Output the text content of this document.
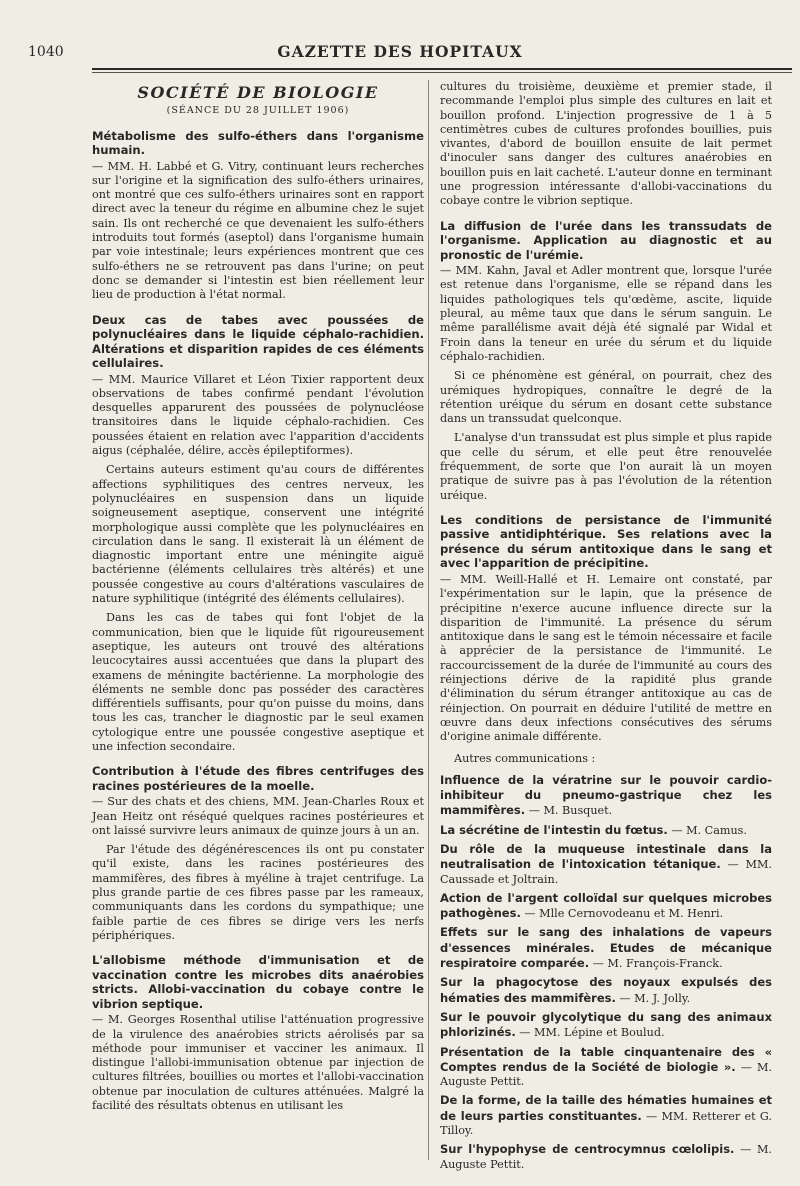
1040	GAZETTE DES HOPITAUX
SOCIÉTÉ DE BIOLOGIE
(SÉANCE DU 28 JUILLET 1906)
Métabolisme des sulfo-éthers dans l'organisme humain.

— MM. H. Labbé et G. Vitry, continuant leurs recherches sur l'origine et la signification des sulfo-éthers urinaires, ont montré que ces sulfo-éthers urinaires sont en rapport direct avec la teneur du régime en albumine chez le sujet sain. Ils ont recherché ce que devenaient les sulfo-éthers introduits tout formés (aseptol) dans l'organisme humain par voie intestinale; leurs expériences montrent que ces sulfo-éthers ne se retrouvent pas dans l'urine; on peut donc se demander si l'intestin est bien réellement leur lieu de production à l'état normal.

Deux cas de tabes avec poussées de polynucléaires dans le liquide céphalo-rachidien. Altérations et disparition rapides de ces éléments cellulaires.

— MM. Maurice Villaret et Léon Tixier rapportent deux observations de tabes confirmé pendant l'évolution desquelles apparurent des poussées de polynucléose transitoires dans le liquide céphalo-rachidien. Ces poussées étaient en relation avec l'apparition d'accidents aigus (céphalée, délire, accès épileptiformes).

Certains auteurs estiment qu'au cours de différentes affections syphilitiques des centres nerveux, les polynucléaires en suspension dans un liquide soigneusement aseptique, conservent une intégrité morphologique aussi complète que les polynucléaires en circulation dans le sang. Il existerait là un élément de diagnostic important entre une méningite aiguë bactérienne (éléments cellulaires très altérés) et une poussée congestive au cours d'altérations vasculaires de nature syphilitique (intégrité des éléments cellulaires).

Dans les cas de tabes qui font l'objet de la communication, bien que le liquide fût rigoureusement aseptique, les auteurs ont trouvé des altérations leucocytaires aussi accentuées que dans la plupart des examens de méningite bactérienne. La morphologie des éléments ne semble donc pas posséder des caractères différentiels suffisants, pour qu'on puisse du moins, dans tous les cas, trancher le diagnostic par le seul examen cytologique entre une poussée congestive aseptique et une infection secondaire.

Contribution à l'étude des fibres centrifuges des racines postérieures de la moelle.

— Sur des chats et des chiens, MM. Jean-Charles Roux et Jean Heitz ont réséqué quelques racines postérieures et ont laissé survivre leurs animaux de quinze jours à un an.

Par l'étude des dégénérescences ils ont pu constater qu'il existe, dans les racines postérieures des mammifères, des fibres à myéline à trajet centrifuge. La plus grande partie de ces fibres passe par les rameaux, communiquants dans les cordons du sympathique; une faible partie de ces fibres se dirige vers les nerfs périphériques.

L'allobisme méthode d'immunisation et de vaccination contre les microbes dits anaérobies stricts. Allobi-vaccination du cobaye contre le vibrion septique.

— M. Georges Rosenthal utilise l'atténuation progressive de la virulence des anaérobies stricts aérolisés par sa méthode pour immuniser et vacciner les animaux. Il distingue l'allobi-immunisation obtenue par injection de cultures filtrées, bouillies ou mortes et l'allobi-vaccination obtenue par inoculation de cultures atténuées. Malgré la facilité des résultats obtenus en utilisant les

cultures du troisième, deuxième et premier stade, il recommande l'emploi plus simple des cultures en lait et bouillon profond. L'injection progressive de 1 à 5 centimètres cubes de cultures profondes bouillies, puis vivantes, d'abord de bouillon ensuite de lait permet d'inoculer sans danger des cultures anaérobies en bouillon puis en lait cacheté. L'auteur donne en terminant une progression intéressante d'allobi-vaccinations du cobaye contre le vibrion septique.

La diffusion de l'urée dans les transsudats de l'organisme. Application au diagnostic et au pronostic de l'urémie.

— MM. Kahn, Javal et Adler montrent que, lorsque l'urée est retenue dans l'organisme, elle se répand dans les liquides pathologiques tels qu'œdème, ascite, liquide pleural, au même taux que dans le sérum sanguin. Le même parallélisme avait déjà été signalé par Widal et Froin dans la teneur en urée du sérum et du liquide céphalo-rachidien.

Si ce phénomène est général, on pourrait, chez des urémiques hydropiques, connaître le degré de la rétention uréique du sérum en dosant cette substance dans un transsudat quelconque.

L'analyse d'un transsudat est plus simple et plus rapide que celle du sérum, et elle peut être renouvelée fréquemment, de sorte que l'on aurait là un moyen pratique de suivre pas à pas l'évolution de la rétention uréique.

Les conditions de persistance de l'immunité passive antidiphtérique. Ses relations avec la présence du sérum antitoxique dans le sang et avec l'apparition de précipitine.

— MM. Weill-Hallé et H. Lemaire ont constaté, par l'expérimentation sur le lapin, que la présence de précipitine n'exerce aucune influence directe sur la disparition de l'immunité. La présence du sérum antitoxique dans le sang est le témoin nécessaire et facile à apprécier de la persistance de l'immunité. Le raccourcissement de la durée de l'immunité au cours des réinjections dérive de la rapidité plus grande d'élimination du sérum étranger antitoxique au cas de réinjection. On pourrait en déduire l'utilité de mettre en œuvre dans deux infections consécutives des sérums d'origine animale différente.

Autres communications :
Influence de la vératrine sur le pouvoir cardio-inhibiteur du pneumo-gastrique chez les mammifères. — M. Busquet.
La sécrétine de l'intestin du fœtus. — M. Camus.
Du rôle de la muqueuse intestinale dans la neutralisation de l'intoxication tétanique. — MM. Caussade et Joltrain.
Action de l'argent colloïdal sur quelques microbes pathogènes. — Mlle Cernovodeanu et M. Henri.
Effets sur le sang des inhalations de vapeurs d'essences minérales. Etudes de mécanique respiratoire comparée. — M. François-Franck.
Sur la phagocytose des noyaux expulsés des hématies des mammifères. — M. J. Jolly.
Sur le pouvoir glycolytique du sang des animaux phlorizinés. — MM. Lépine et Boulud.
Présentation de la table cinquantenaire des « Comptes rendus de la Société de biologie ». — M. Auguste Pettit.
De la forme, de la taille des hématies humaines et de leurs parties constituantes. — MM. Retterer et G. Tilloy.
Sur l'hypophyse de centrocymnus cœlolipis. — M. Auguste Pettit.
